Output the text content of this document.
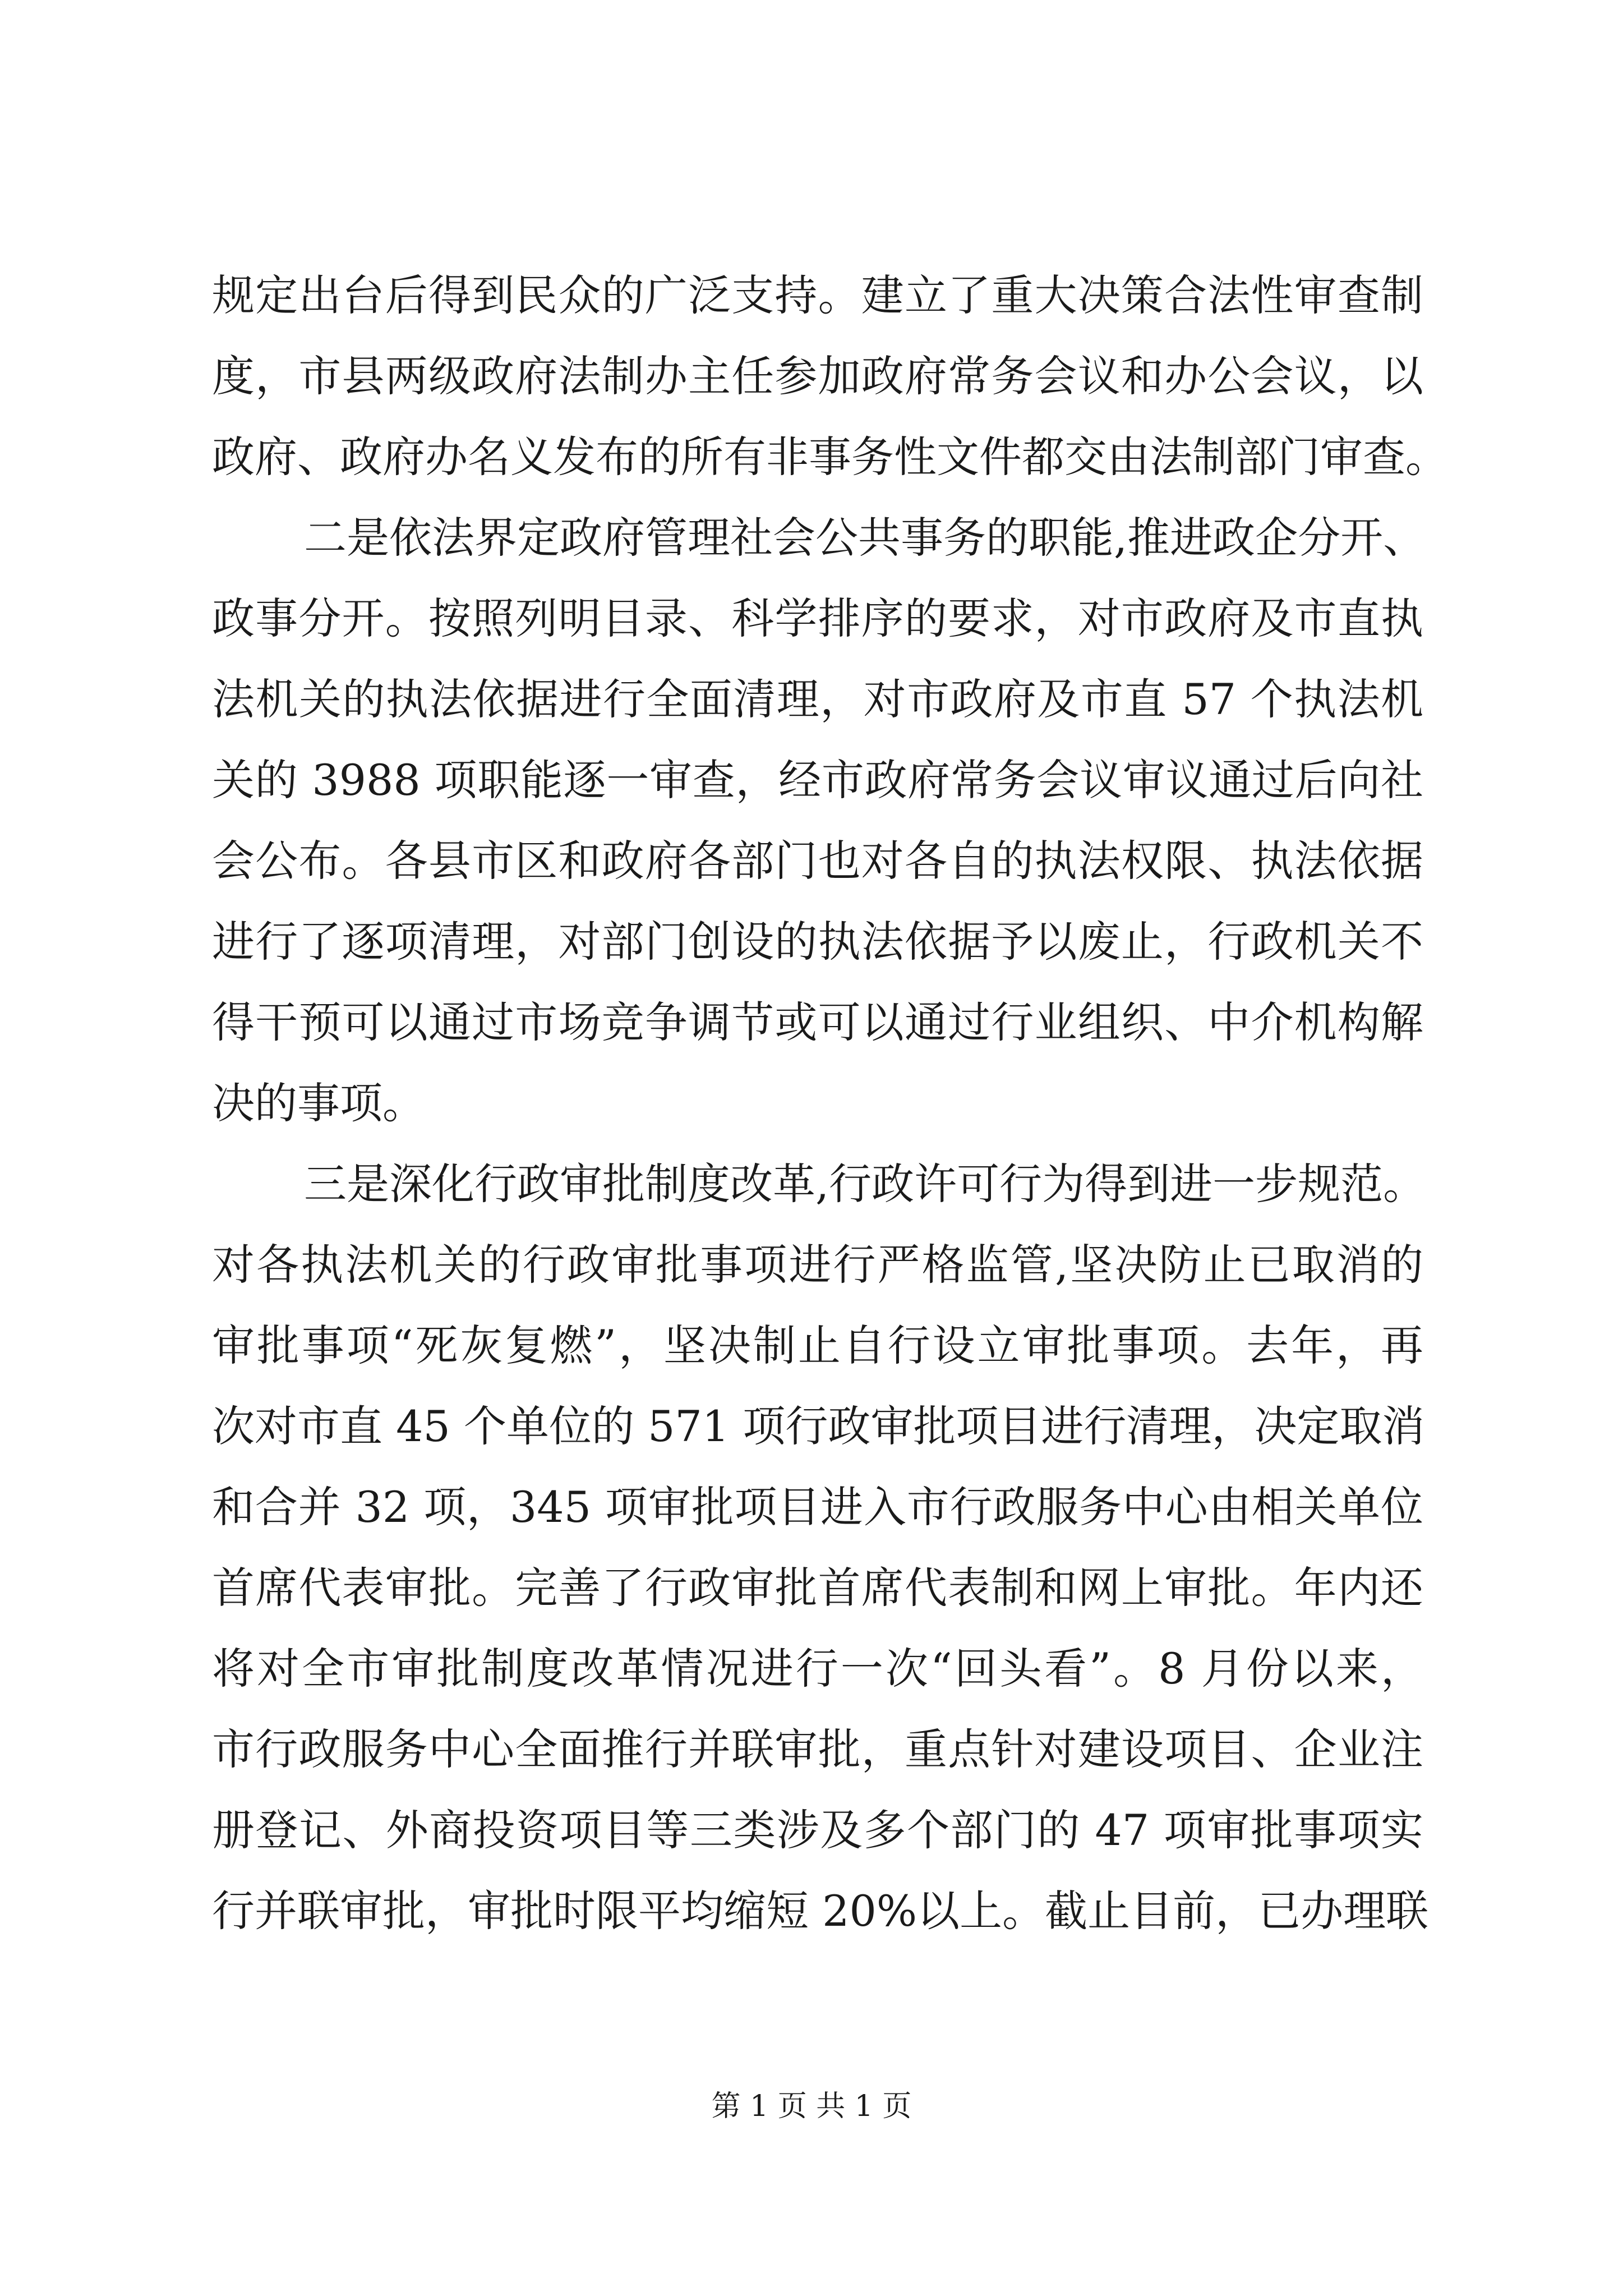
规定出台后得到民众的广泛支持。建立了重大决策合法性审查制
度，市县两级政府法制办主任参加政府常务会议和办公会议，以
政府、政府办名义发布的所有非事务性文件都交由法制部门审查。
二是依法界定政府管理社会公共事务的职能,推进政企分开、
政事分开。按照列明目录、科学排序的要求，对市政府及市直执
法机关的执法依据进行全面清理，对市政府及市直 57 个执法机
关的 3988 项职能逐一审查，经市政府常务会议审议通过后向社
会公布。各县市区和政府各部门也对各自的执法权限、执法依据
进行了逐项清理，对部门创设的执法依据予以废止，行政机关不
得干预可以通过市场竞争调节或可以通过行业组织、中介机构解
决的事项。
三是深化行政审批制度改革,行政许可行为得到进一步规范。
对各执法机关的行政审批事项进行严格监管,坚决防止已取消的
审批事项“死灰复燃”，坚决制止自行设立审批事项。去年，再
次对市直 45 个单位的 571 项行政审批项目进行清理，决定取消
和合并 32 项，345 项审批项目进入市行政服务中心由相关单位
首席代表审批。完善了行政审批首席代表制和网上审批。年内还
将对全市审批制度改革情况进行一次“回头看”。8 月份以来，
市行政服务中心全面推行并联审批，重点针对建设项目、企业注
册登记、外商投资项目等三类涉及多个部门的 47 项审批事项实
行并联审批，审批时限平均缩短 20%以上。截止目前，已办理联
第 1 页 共 1 页
